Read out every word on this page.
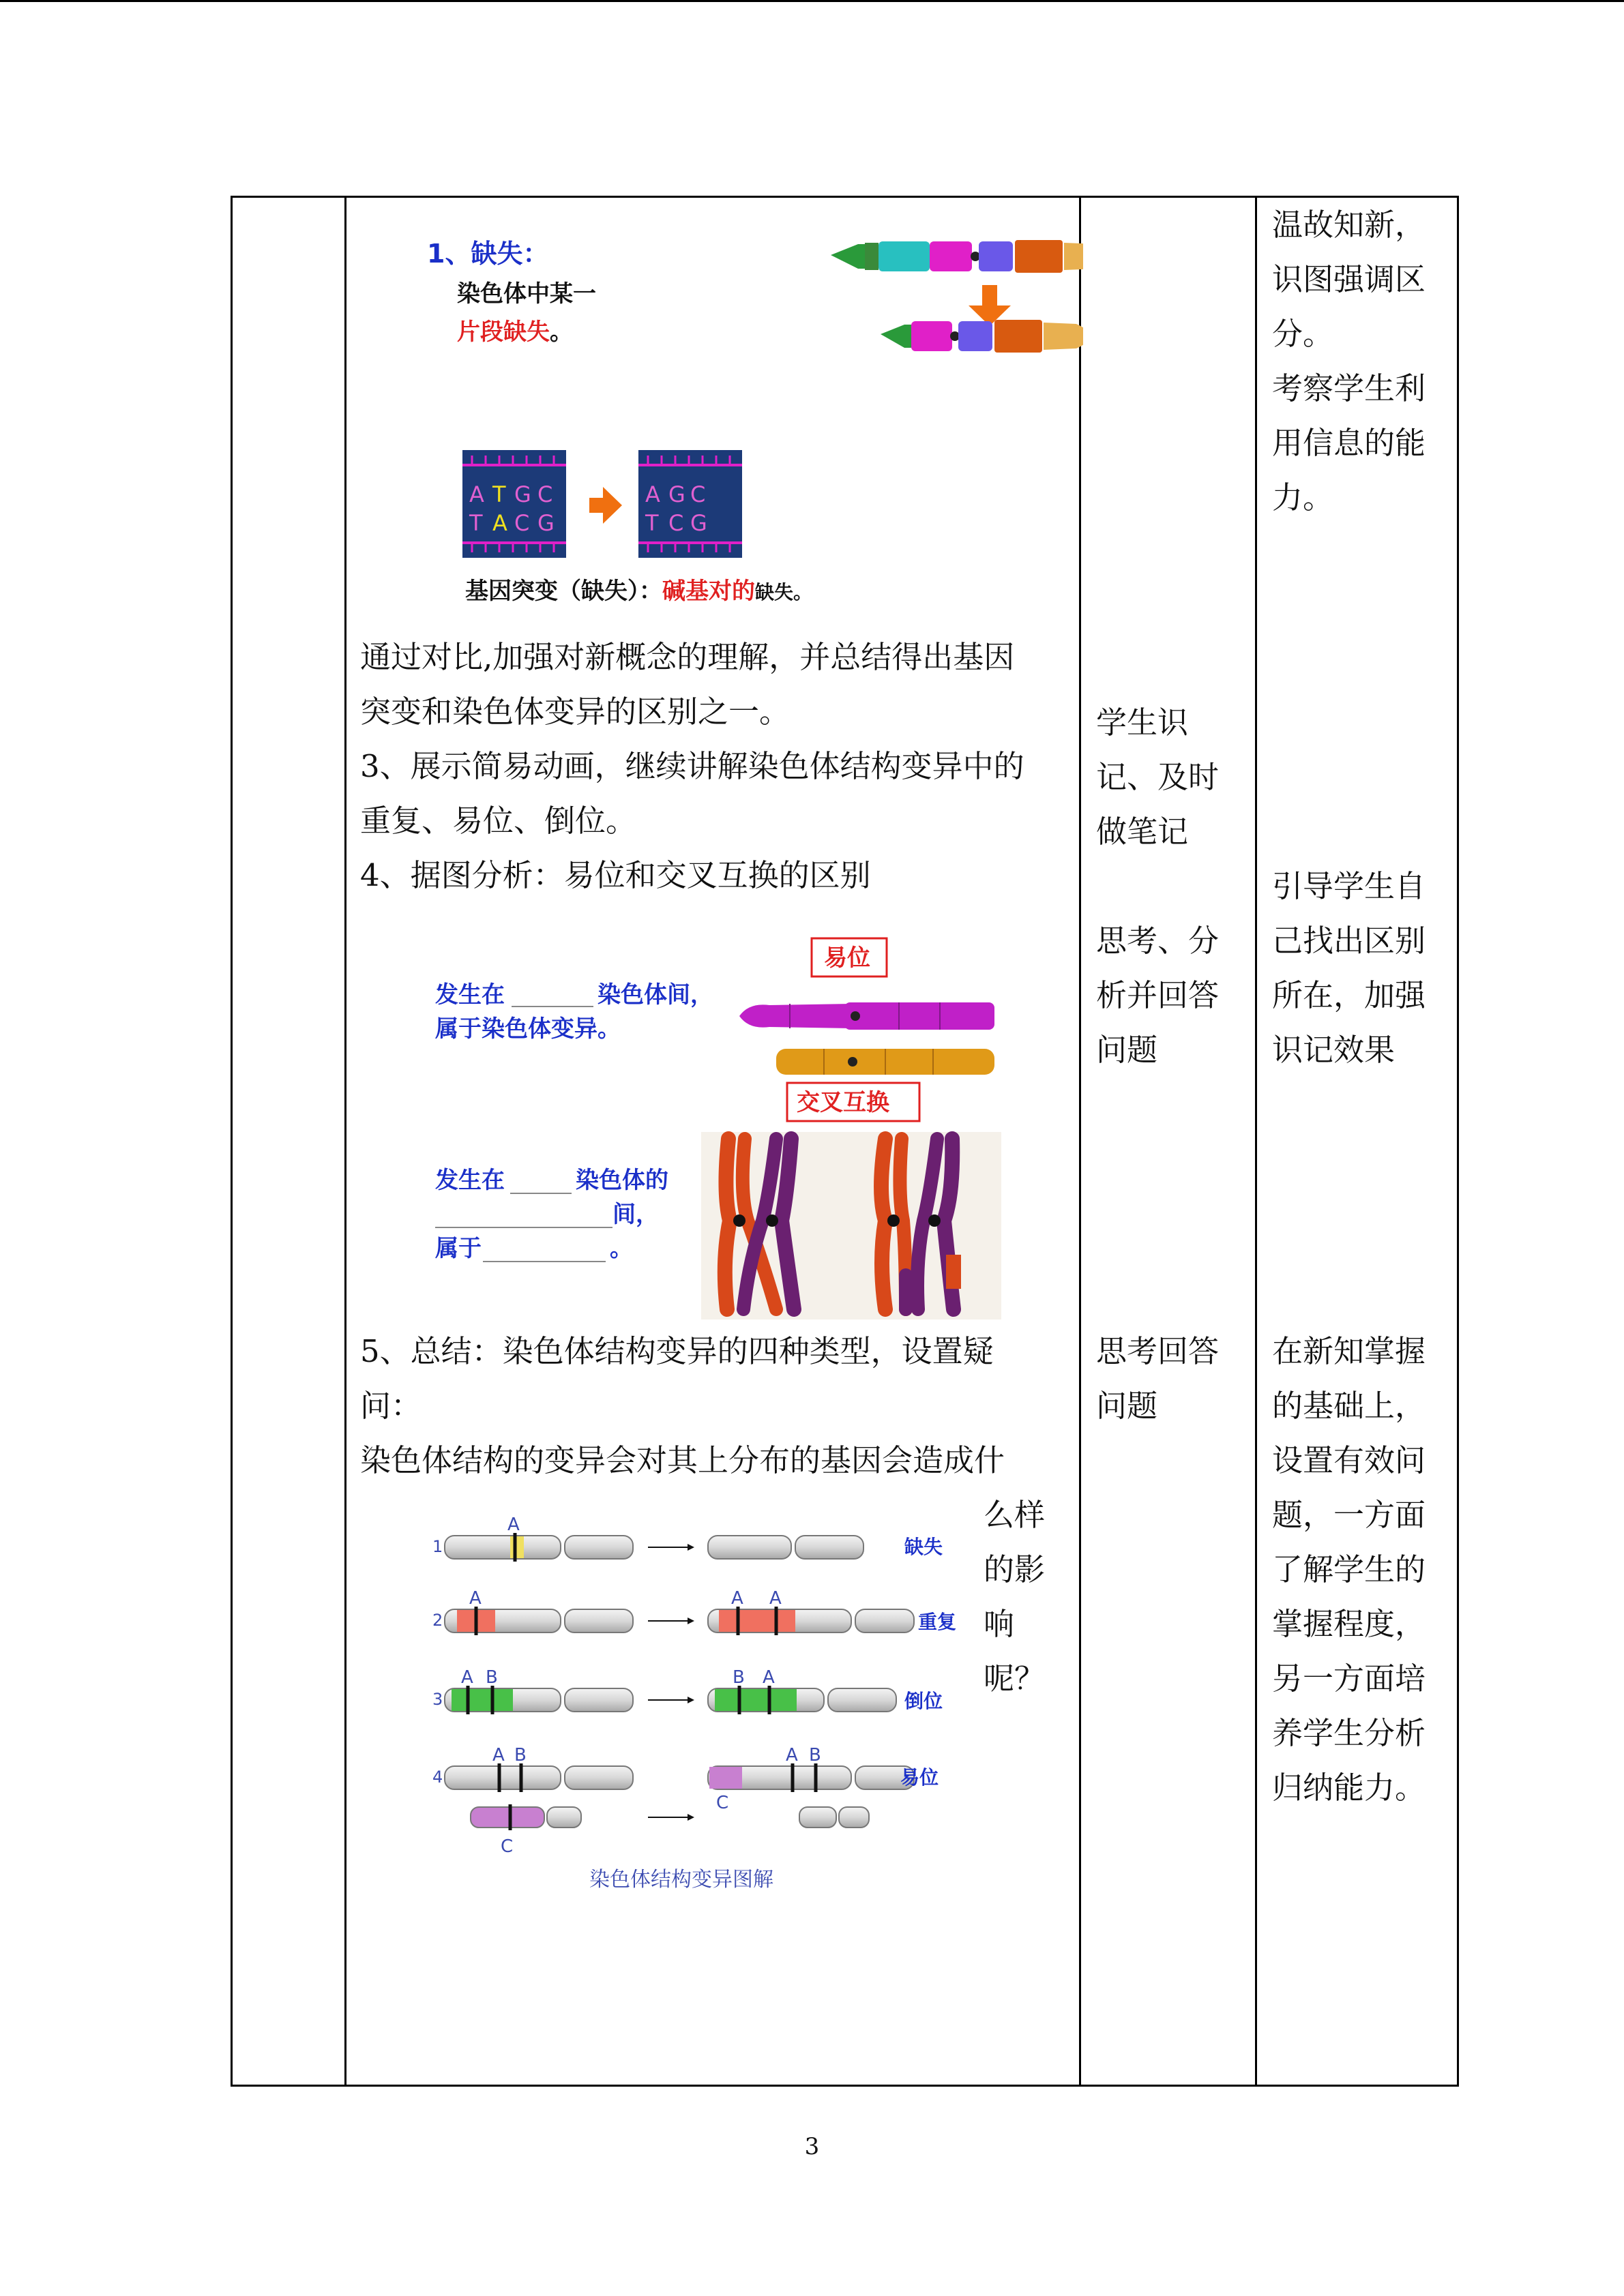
1、缺失：
染色体中某一
片段缺失。
A T G C
T A C G
A G C
T C G
基因突变（缺失）：碱基对的缺失。

通过对比,加强对新概念的理解，并总结得出基因

突变和染色体变异的区别之一。

3、展示简易动画，继续讲解染色体结构变异中的

重复、易位、倒位。

4、据图分析：易位和交叉互换的区别

易位
发生在	染色体间，
属于染色体变异。
交叉互换
发生在	染色体的
间，
属于	。

5、总结：染色体结构变异的四种类型，设置疑

问：

染色体结构的变异会对其上分布的基因会造成什

么样

的影

响

呢？

1
A
缺失
2
A	A A
重复
3
A B	B A
倒位
4
A B
C
A B
C
易位
染色体结构变异图解

学生识

记、及时

做笔记

思考、分

析并回答

问题

思考回答

问题

温故知新，

识图强调区

分。

考察学生利

用信息的能

力。

引导学生自

己找出区别

所在，加强

识记效果

在新知掌握

的基础上，

设置有效问

题，一方面

了解学生的

掌握程度，

另一方面培

养学生分析

归纳能力。

3
